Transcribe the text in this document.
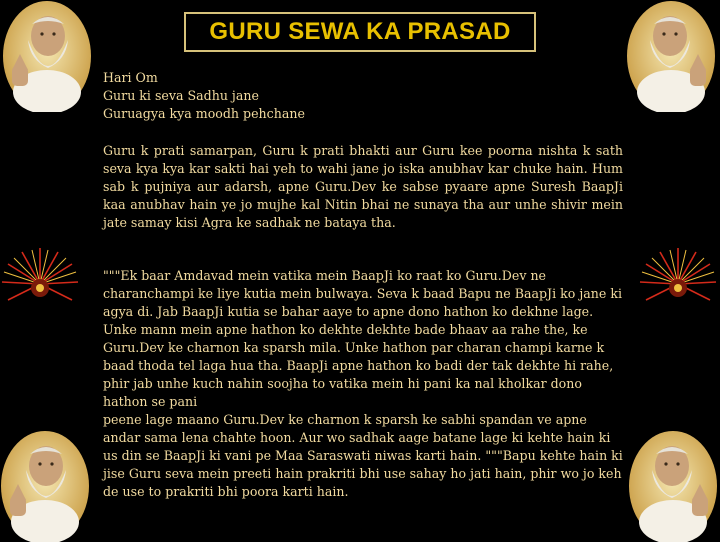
GURU SEWA KA PRASAD
Hari Om
Guru ki seva Sadhu jane
Guruagya kya moodh pehchane

Guru k prati samarpan, Guru k prati bhakti aur Guru kee poorna nishta k sath seva kya kya kar sakti hai yeh to wahi jane jo iska anubhav kar chuke hain. Hum sab k pujniya aur adarsh, apne Guru.Dev ke sabse pyaare apne Suresh BaapJi kaa anubhav hain ye jo mujhe kal Nitin bhai ne sunaya tha aur unhe shivir mein jate samay kisi Agra ke sadhak ne bataya tha.

"""Ek baar Amdavad mein vatika mein BaapJi ko raat ko Guru.Dev ne charanchampi ke liye kutia mein bulwaya. Seva k baad Bapu ne BaapJi ko jane ki agya di. Jab BaapJi kutia se bahar aaye to apne dono hathon ko dekhne lage. Unke mann mein apne hathon ko dekhte dekhte bade bhaav aa rahe the, ke Guru.Dev ke charnon ka sparsh mila. Unke hathon par charan champi karne k baad thoda tel laga hua tha. BaapJi apne hathon ko badi der tak dekhte hi rahe, phir jab unhe kuch nahin soojha to vatika mein hi pani ka nal kholkar dono hathon se pani
peene lage maano Guru.Dev ke charnon k sparsh ke sabhi spandan ve apne andar sama lena chahte hoon. Aur wo sadhak aage batane lage ki kehte hain ki us din se BaapJi ki vani pe Maa Saraswati niwas karti hain. """Bapu kehte hain ki jise Guru seva mein preeti hain prakriti bhi use sahay ho jati hain, phir wo jo keh de use to prakriti bhi poora karti hain.
